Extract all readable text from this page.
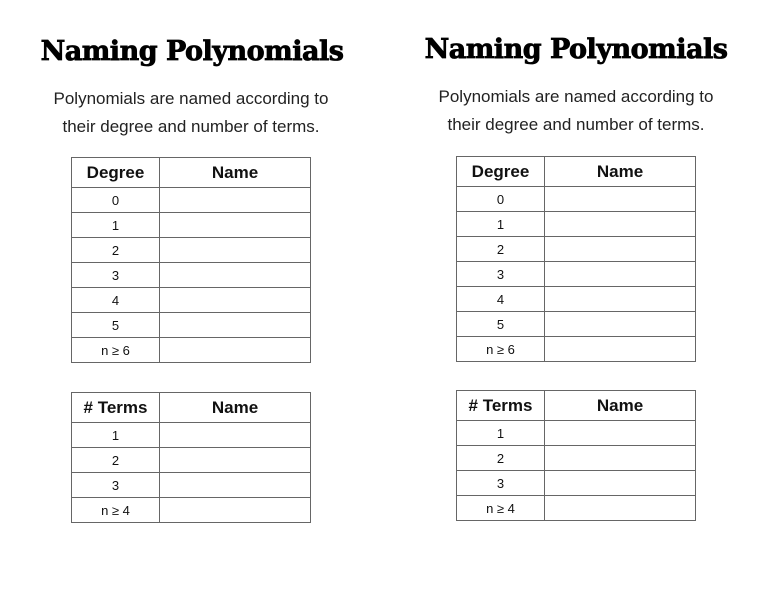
Naming Polynomials
Polynomials are named according to
their degree and number of terms.
Degree	Name
0	
1	
2	
3	
4	
5	
n ≥ 6	
# Terms	Name
1	
2	
3	
n ≥ 4	
Naming Polynomials
Polynomials are named according to
their degree and number of terms.
Degree	Name
0	
1	
2	
3	
4	
5	
n ≥ 6	
# Terms	Name
1	
2	
3	
n ≥ 4	
